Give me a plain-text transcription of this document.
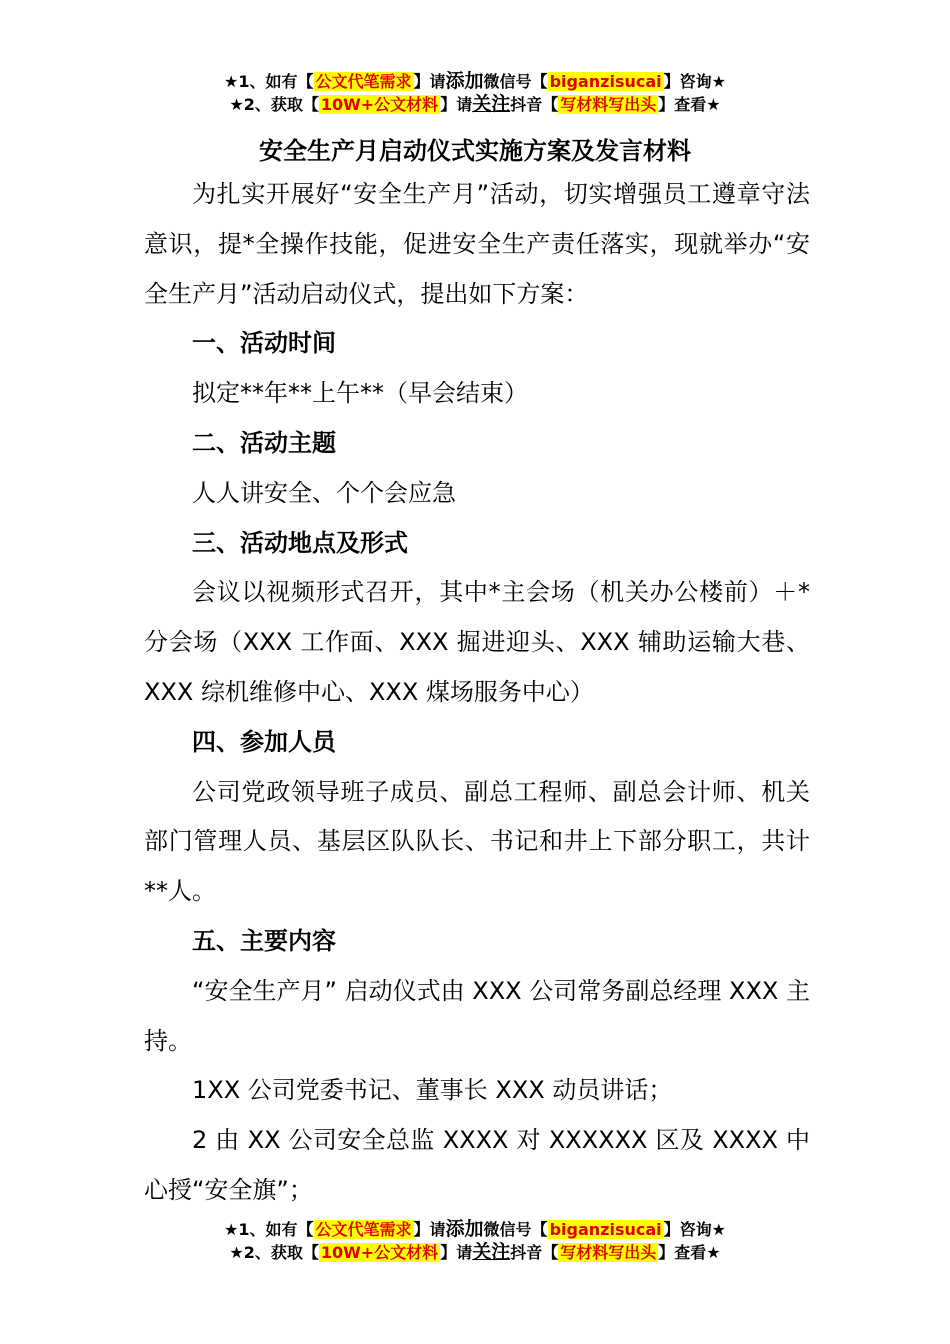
★1、如有【 公文代笔需求 】请添加微信号【 biganzisucai 】咨询★
★2、获取【 10W+公文材料 】请关注抖音【 写材料写出头 】查看★
安全生产月启动仪式实施方案及发言材料

为扎实开展好“安全生产月”活动，切实增强员工遵章守法意识，提*全操作技能，促进安全生产责任落实，现就举办“安全生产月”活动启动仪式，提出如下方案：

一、活动时间

拟定**年**上午**（早会结束）

二、活动主题

人人讲安全、个个会应急

三、活动地点及形式

会议以视频形式召开，其中*主会场（机关办公楼前）＋*分会场（XXX 工作面、XXX 掘进迎头、XXX 辅助运输大巷、XXX 综机维修中心、XXX 煤场服务中心）

四、参加人员

公司党政领导班子成员、副总工程师、副总会计师、机关部门管理人员、基层区队队长、书记和井上下部分职工，共计**人。

五、主要内容

“安全生产月” 启动仪式由 XXX 公司常务副总经理 XXX 主持。

1XX 公司党委书记、董事长 XXX 动员讲话；

2 由 XX 公司安全总监 XXXX 对 XXXXXX 区及 XXXX 中心授“安全旗”；

★1、如有【 公文代笔需求 】请添加微信号【 biganzisucai 】咨询★
★2、获取【 10W+公文材料 】请关注抖音【 写材料写出头 】查看★
